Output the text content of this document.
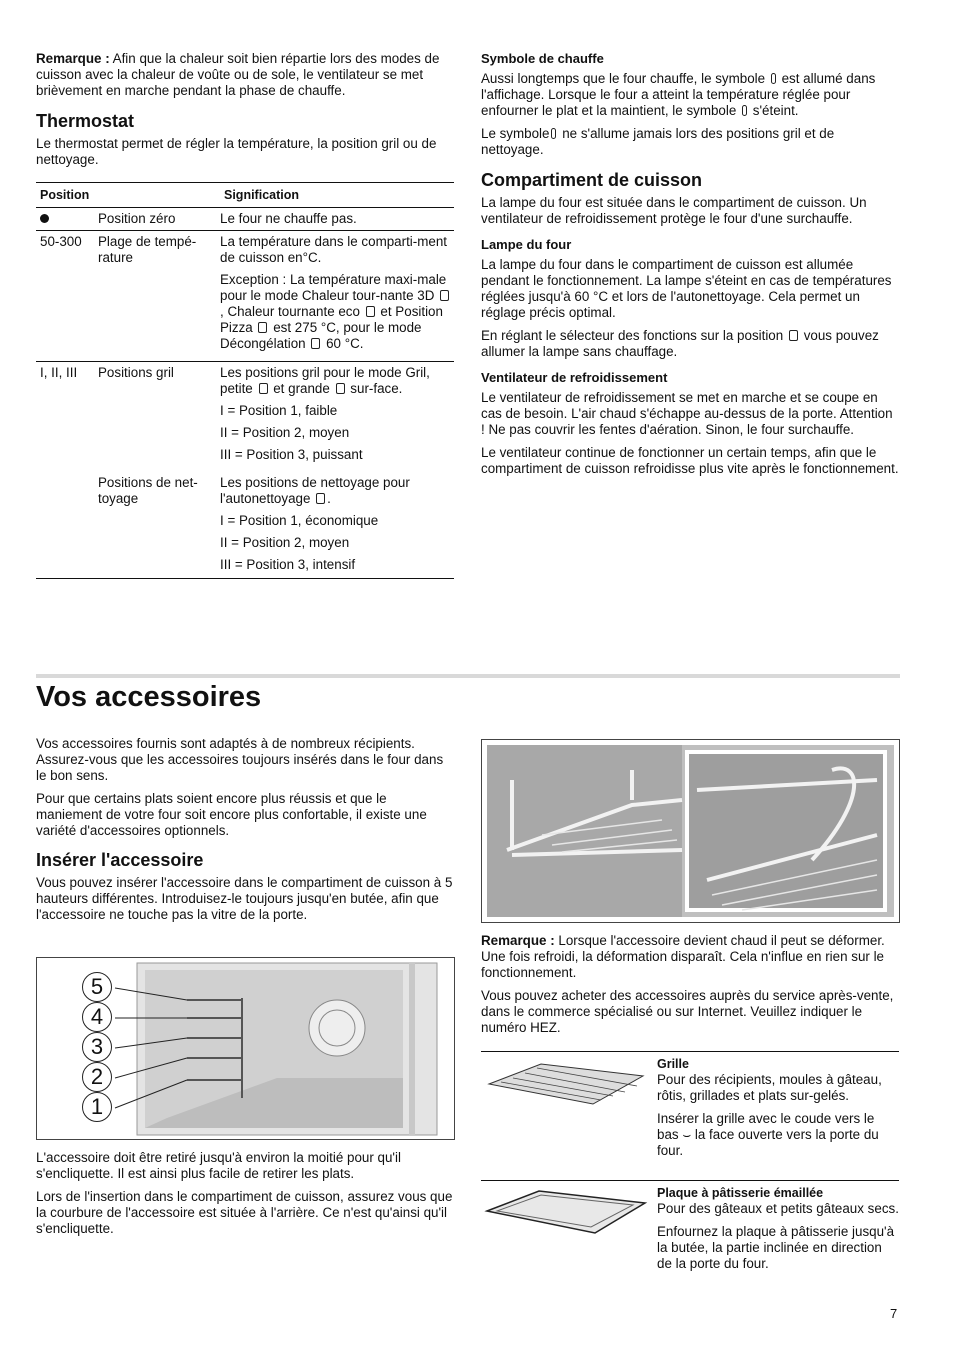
Remarque : Afin que la chaleur soit bien répartie lors des modes de cuisson avec la chaleur de voûte ou de sole, le ventilateur se met brièvement en marche pendant la phase de chauffe.

Thermostat

Le thermostat permet de régler la température, la position gril ou de nettoyage.

Position		Signification
	Position zéro	Le four ne chauffe pas.
50-300	Plage de tempé-rature	La température dans le comparti-ment de cuisson en°C.

Exception : La température maxi-male pour le mode Chaleur tour-nante 3D , Chaleur tournante eco et Position Pizza est 275 °C, pour le mode Décongélation 60 °C.

I, II, III	Positions gril	Les positions gril pour le mode Gril, petite et grande sur-face.

I = Position 1, faible

II = Position 2, moyen

III = Position 3, puissant

	Positions de net-toyage	Les positions de nettoyage pour l'autonettoyage .

I = Position 1, économique

II = Position 2, moyen

III = Position 3, intensif

Symbole de chauffe

Aussi longtemps que le four chauffe, le symbole est allumé dans l'affichage. Lorsque le four a atteint la température réglée pour enfourner le plat et la maintient, le symbole s'éteint.

Le symbole ne s'allume jamais lors des positions gril et de nettoyage.

Compartiment de cuisson

La lampe du four est située dans le compartiment de cuisson. Un ventilateur de refroidissement protège le four d'une surchauffe.

Lampe du four

La lampe du four dans le compartiment de cuisson est allumée pendant le fonctionnement. La lampe s'éteint en cas de températures réglées jusqu'à 60 °C et lors de l'autonettoyage. Cela permet un réglage précis optimal.

En réglant le sélecteur des fonctions sur la position vous pouvez allumer la lampe sans chauffage.

Ventilateur de refroidissement

Le ventilateur de refroidissement se met en marche et se coupe en cas de besoin. L'air chaud s'échappe au-dessus de la porte. Attention ! Ne pas couvrir les fentes d'aération. Sinon, le four surchauffe.

Le ventilateur continue de fonctionner un certain temps, afin que le compartiment de cuisson refroidisse plus vite après le fonctionnement.

Vos accessoires

Vos accessoires fournis sont adaptés à de nombreux récipients. Assurez-vous que les accessoires toujours insérés dans le four dans le bon sens.

Pour que certains plats soient encore plus réussis et que le maniement de votre four soit encore plus confortable, il existe une variété d'accessoires optionnels.

Insérer l'accessoire

Vous pouvez insérer l'accessoire dans le compartiment de cuisson à 5 hauteurs différentes. Introduisez-le toujours jusqu'en butée, afin que l'accessoire ne touche pas la vitre de la porte.

5
4
3
2
1

L'accessoire doit être retiré jusqu'à environ la moitié pour qu'il s'encliquette. Il est ainsi plus facile de retirer les plats.

Lors de l'insertion dans le compartiment de cuisson, assurez vous que la courbure de l'accessoire est située à l'arrière. Ce n'est qu'ainsi qu'il s'encliquette.

Remarque : Lorsque l'accessoire devient chaud il peut se déformer. Une fois refroidi, la déformation disparaît. Cela n'influe en rien sur le fonctionnement.

Vous pouvez acheter des accessoires auprès du service après-vente, dans le commerce spécialisé ou sur Internet. Veuillez indiquer le numéro HEZ.

Grille

Pour des récipients, moules à gâteau, rôtis, grillades et plats sur-gelés.

Insérer la grille avec le coude vers le bas ⌣ la face ouverte vers la porte du four.

Plaque à pâtisserie émaillée

Pour des gâteaux et petits gâteaux secs.

Enfournez la plaque à pâtisserie jusqu'à la butée, la partie inclinée en direction de la porte du four.

7
